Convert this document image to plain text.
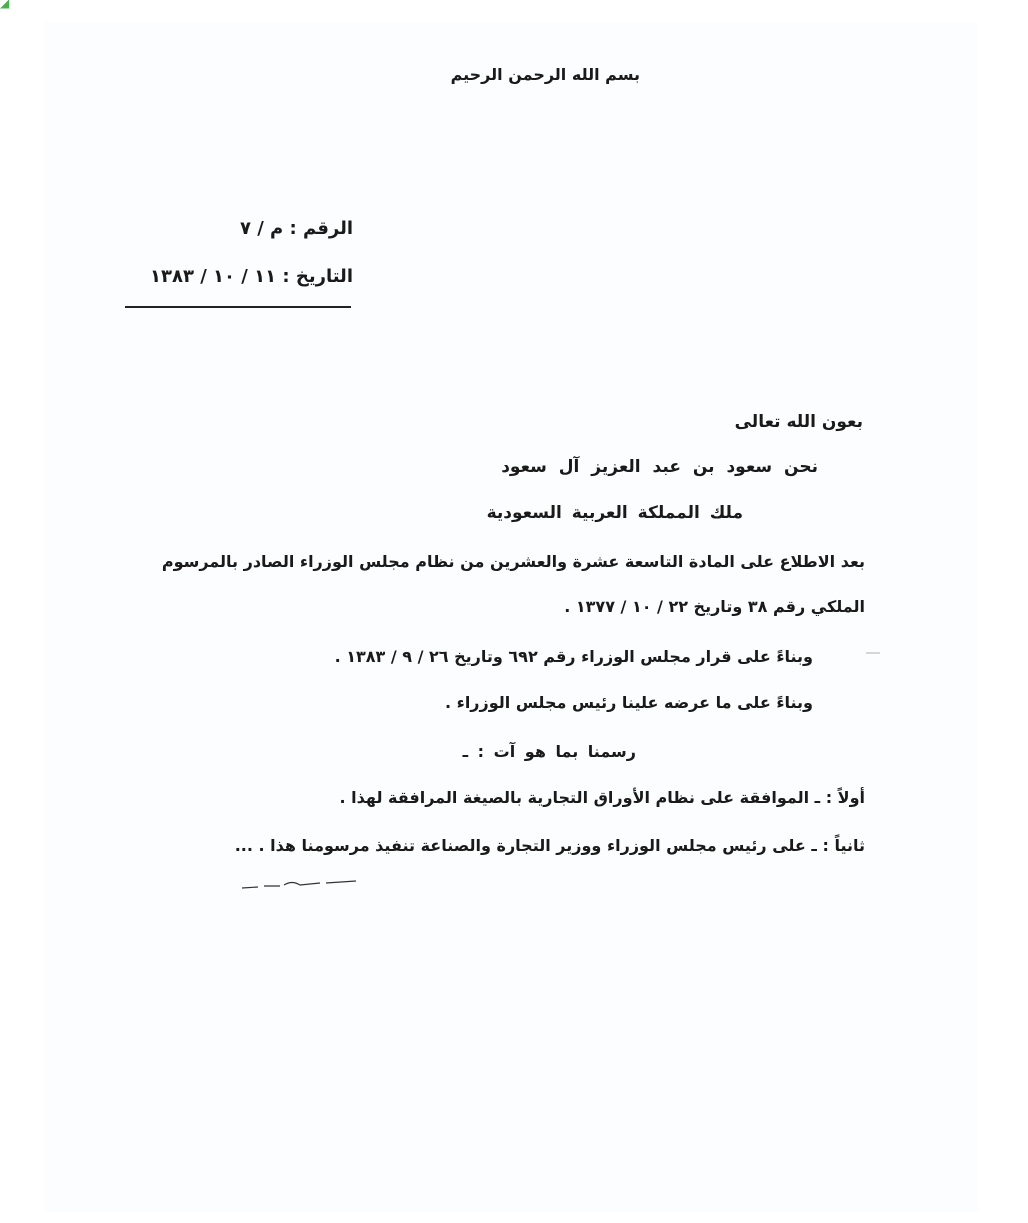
◢
بسم الله الرحمن الرحيم
الرقم : م / ٧
التاريخ : ١١ / ١٠ / ١٣٨٣
بعون الله تعالى
نحن سعود بن عبد العزيز آل سعود
ملك المملكة العربية السعودية
بعد الاطلاع على المادة التاسعة عشرة والعشرين من نظام مجلس الوزراء الصادر بالمرسوم
الملكي رقم ٣٨ وتاريخ ٢٢ / ١٠ / ١٣٧٧ .
وبناءً على قرار مجلس الوزراء رقم ٦٩٢ وتاريخ ٢٦ / ٩ / ١٣٨٣ .
وبناءً على ما عرضه علينا رئيس مجلس الوزراء .
رسمنا بما هو آت : ـ
أولاً : ـ الموافقة على نظام الأوراق التجارية بالصيغة المرافقة لهذا .
ثانياً : ـ على رئيس مجلس الوزراء ووزير التجارة والصناعة تنفيذ مرسومنا هذا . ...
